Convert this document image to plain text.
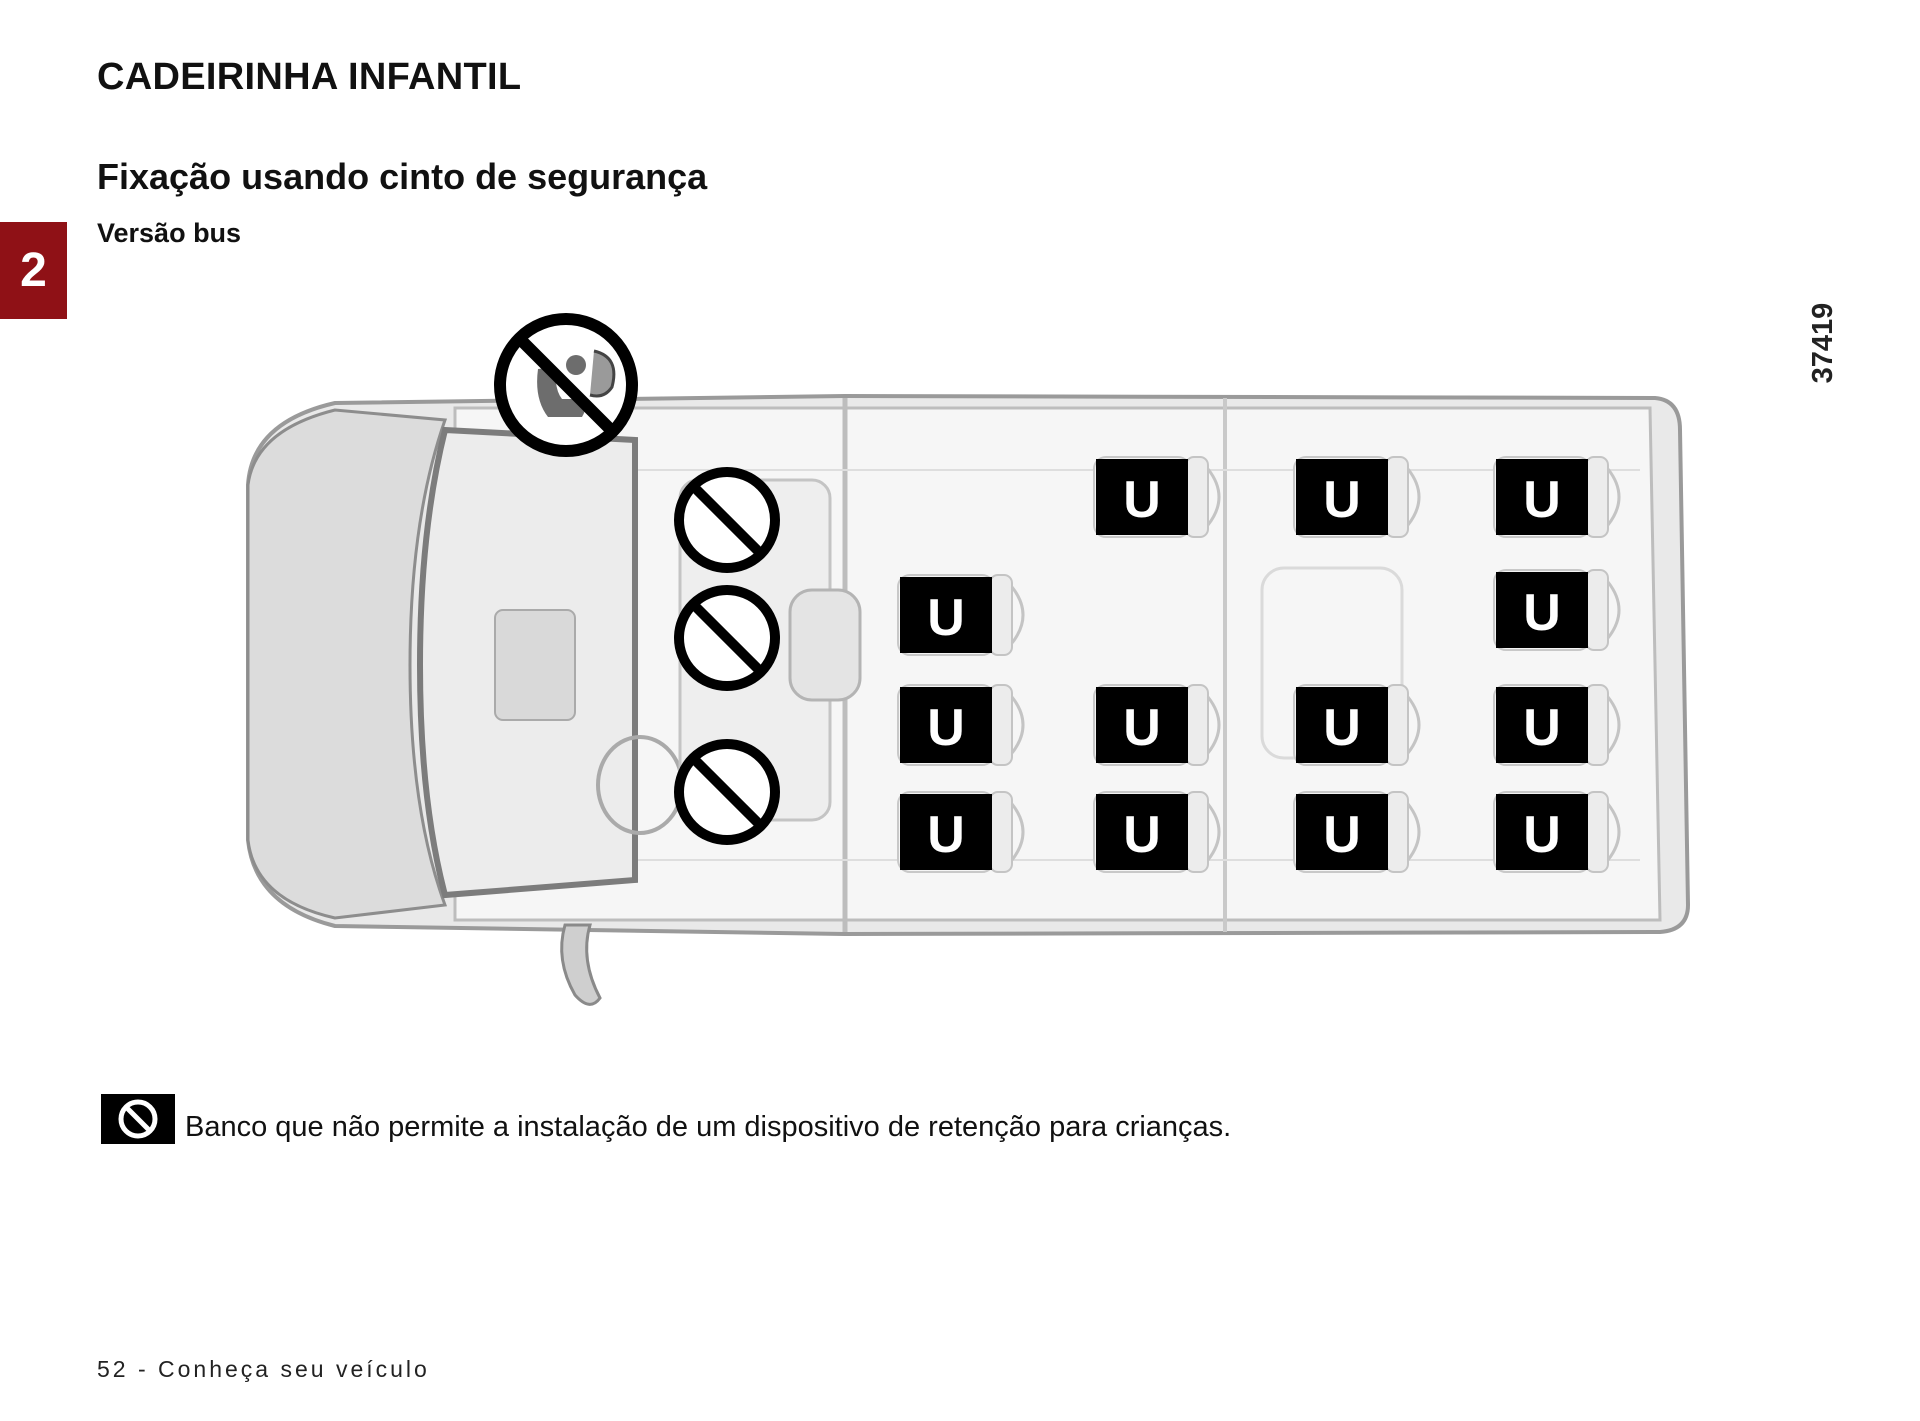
2
CADEIRINHA INFANTIL
Fixação usando cinto de segurança
Versão bus
37419
U	U	U
U	U
U	U	U	U
U	U	U	U
Banco que não permite a instalação de um dispositivo de retenção para crianças.
52 - Conheça seu veículo
